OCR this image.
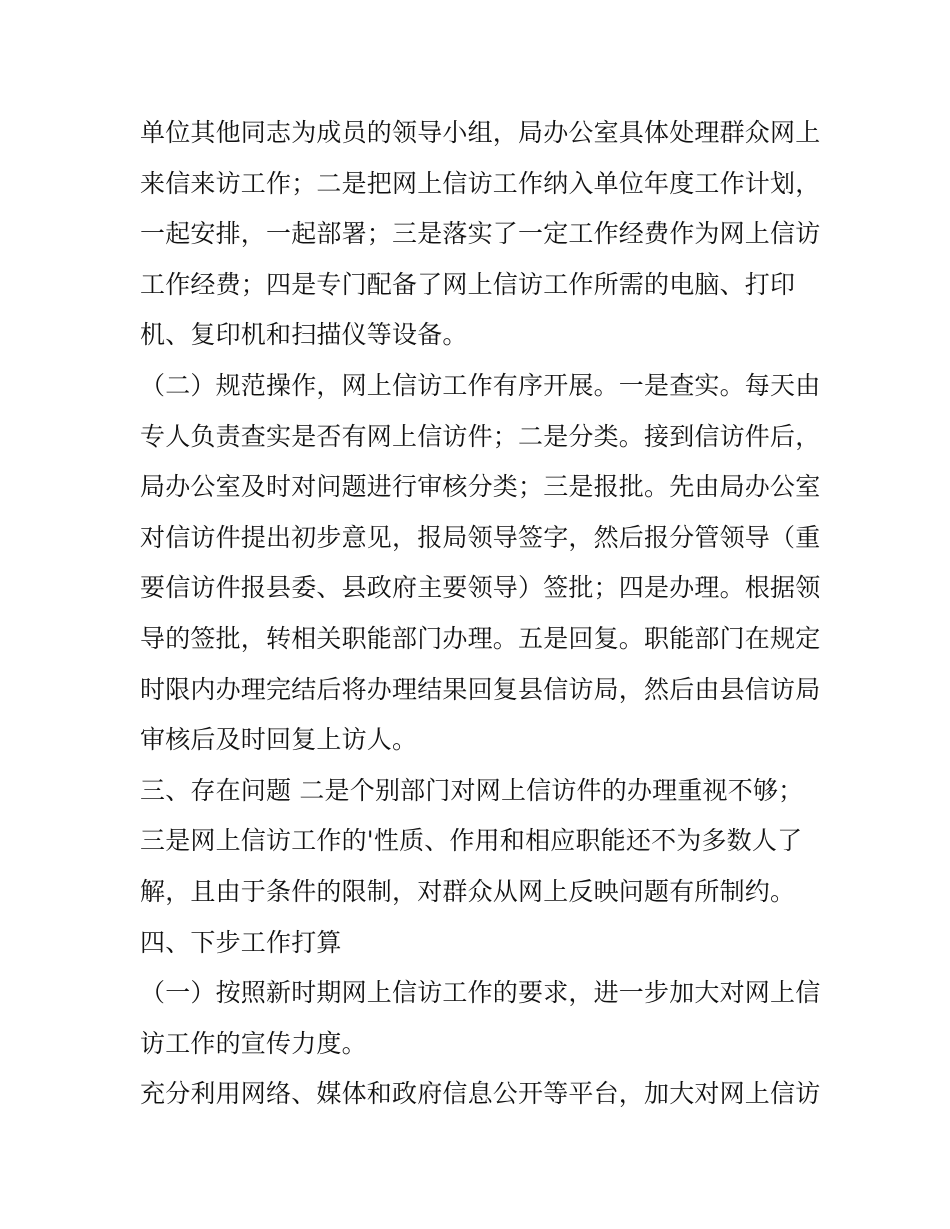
单位其他同志为成员的领导小组，局办公室具体处理群众网上
来信来访工作；二是把网上信访工作纳入单位年度工作计划，
一起安排，一起部署；三是落实了一定工作经费作为网上信访
工作经费；四是专门配备了网上信访工作所需的电脑、打印
机、复印机和扫描仪等设备。
（二）规范操作，网上信访工作有序开展。一是查实。每天由
专人负责查实是否有网上信访件；二是分类。接到信访件后，
局办公室及时对问题进行审核分类；三是报批。先由局办公室
对信访件提出初步意见，报局领导签字，然后报分管领导（重
要信访件报县委、县政府主要领导）签批；四是办理。根据领
导的签批，转相关职能部门办理。五是回复。职能部门在规定
时限内办理完结后将办理结果回复县信访局，然后由县信访局
审核后及时回复上访人。
三、存在问题 二是个别部门对网上信访件的办理重视不够；
三是网上信访工作的'性质、作用和相应职能还不为多数人了
解，且由于条件的限制，对群众从网上反映问题有所制约。
四、下步工作打算
（一）按照新时期网上信访工作的要求，进一步加大对网上信
访工作的宣传力度。
充分利用网络、媒体和政府信息公开等平台，加大对网上信访
